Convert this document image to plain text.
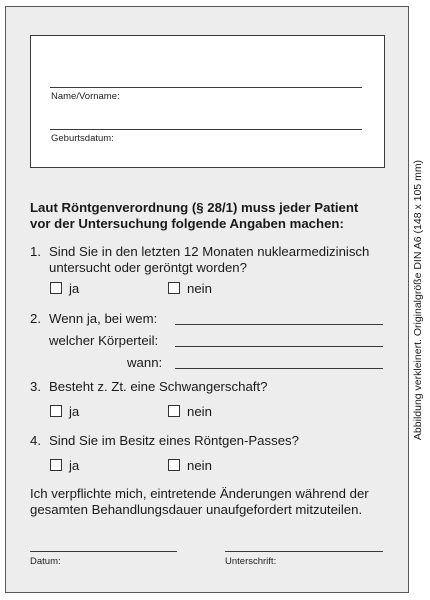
Name/Vorname:
Geburtsdatum:
Laut Röntgenverordnung (§ 28/1) muss jeder Patient
vor der Untersuchung folgende Angaben machen:
1. Sind Sie in den letzten 12 Monaten nuklearmedizinisch
untersucht oder geröntgt worden?
ja	nein
2. Wenn ja, bei wem:
welcher Körperteil:
wann:
3. Besteht z. Zt. eine Schwangerschaft?
ja	nein
4. Sind Sie im Besitz eines Röntgen-Passes?
ja	nein
Ich verpflichte mich, eintretende Änderungen während der
gesamten Behandlungsdauer unaufgefordert mitzuteilen.
Datum:	Unterschrift:
Abbildung verkleinert. Originalgröße DIN A6 (148 x 105 mm)
